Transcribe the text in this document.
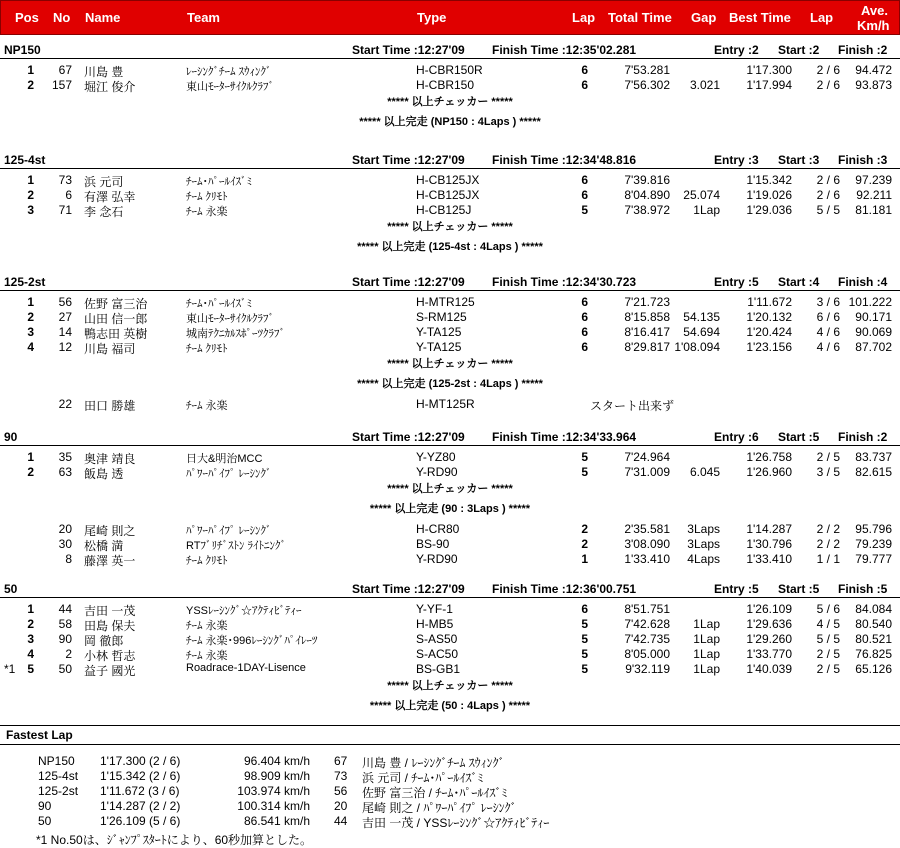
Pos No Name	Team	Type	Lap Total Time Gap Best Time Lap Ave.
Km/h
NP150	Start Time :12:27'09 Finish Time :12:35'02.281	Entry :2 Start :2 Finish :2
1	67 川島 豊	ﾚｰｼﾝｸﾞﾁｰﾑ ｽｳｨﾝｸﾞ	H-CBR150R	6	7'53.281	1'17.300	2 / 6	94.472
2	157 堀江 俊介	東山ﾓｰﾀｰｻｲｸﾙｸﾗﾌﾞ	H-CBR150	6	7'56.302	3.021	1'17.994	2 / 6	93.873
***** 以上チェッカー *****
***** 以上完走 (NP150 : 4Laps ) *****
125-4st	Start Time :12:27'09 Finish Time :12:34'48.816	Entry :3 Start :3 Finish :3
1	73 浜 元司	ﾁｰﾑ･ﾊﾟｰﾙｲｽﾞﾐ	H-CB125JX	6	7'39.816	1'15.342	2 / 6	97.239
2	6 有澤 弘幸	ﾁｰﾑ ｸﾘﾓﾄ	H-CB125JX	6	8'04.890	25.074	1'19.026	2 / 6	92.211
3	71 李 念石	ﾁｰﾑ 永楽	H-CB125J	5	7'38.972	1Lap	1'29.036	5 / 5	81.181
***** 以上チェッカー *****
***** 以上完走 (125-4st : 4Laps ) *****
125-2st	Start Time :12:27'09 Finish Time :12:34'30.723	Entry :5 Start :4 Finish :4
1	56 佐野 富三治	ﾁｰﾑ･ﾊﾟｰﾙｲｽﾞﾐ	H-MTR125	6	7'21.723	1'11.672	3 / 6 101.222
2	27 山田 信一郎	東山ﾓｰﾀｰｻｲｸﾙｸﾗﾌﾞ	S-RM125	6	8'15.858	54.135	1'20.132	6 / 6	90.171
3	14 鴨志田 英樹	城南ﾃｸﾆｶﾙｽﾎﾟｰﾂｸﾗﾌﾞ	Y-TA125	6	8'16.417	54.694	1'20.424	4 / 6	90.069
4	12 川島 福司	ﾁｰﾑ ｸﾘﾓﾄ	Y-TA125	6	8'29.817 1'08.094	1'23.156	4 / 6	87.702
***** 以上チェッカー *****
***** 以上完走 (125-2st : 4Laps ) *****
22 田口 勝雄	ﾁｰﾑ 永楽	H-MT125R	スタート出来ず
90	Start Time :12:27'09 Finish Time :12:34'33.964	Entry :6 Start :5 Finish :2
1	35 奥津 靖良	日大&明治MCC	Y-YZ80	5	7'24.964	1'26.758	2 / 5	83.737
2	63 飯島 透	ﾊﾟﾜｰﾊﾟｲﾌﾟ ﾚｰｼﾝｸﾞ	Y-RD90	5	7'31.009	6.045	1'26.960	3 / 5	82.615
***** 以上チェッカー *****
***** 以上完走 (90 : 3Laps ) *****
20 尾崎 則之	ﾊﾟﾜｰﾊﾟｲﾌﾟ ﾚｰｼﾝｸﾞ	H-CR80	2	2'35.581	3Laps	1'14.287	2 / 2	95.796
30 松橋 満	RTﾌﾞﾘﾁﾞｽﾄﾝ ﾗｲﾄﾆﾝｸﾞ	BS-90	2	3'08.090	3Laps	1'30.796	2 / 2	79.239
8 藤澤 英一	ﾁｰﾑ ｸﾘﾓﾄ	Y-RD90	1	1'33.410	4Laps	1'33.410	1 / 1	79.777
50	Start Time :12:27'09 Finish Time :12:36'00.751	Entry :5 Start :5 Finish :5
1	44 吉田 一茂	YSSﾚｰｼﾝｸﾞ☆ｱｸﾃｨﾋﾞﾃｨｰ	Y-YF-1	6	8'51.751	1'26.109	5 / 6	84.084
2	58 田島 保夫	ﾁｰﾑ 永楽	H-MB5	5	7'42.628	1Lap	1'29.636	4 / 5	80.540
3	90 岡 徹郎	ﾁｰﾑ 永楽･996ﾚｰｼﾝｸﾞﾊﾟｲﾚｰﾂ	S-AS50	5	7'42.735	1Lap	1'29.260	5 / 5	80.521
4	2 小林 哲志	ﾁｰﾑ 永楽	S-AC50	5	8'05.000	1Lap	1'33.770	2 / 5	76.825
*1 5	50 益子 國光	Roadrace-1DAY-Lisence	BS-GB1	5	9'32.119	1Lap	1'40.039	2 / 5	65.126
***** 以上チェッカー *****
***** 以上完走 (50 : 4Laps ) *****
Fastest Lap
NP150 1'17.300 (2 / 6)	96.404 km/h 67 川島 豊 / ﾚｰｼﾝｸﾞﾁｰﾑ ｽｳｨﾝｸﾞ
125-4st 1'15.342 (2 / 6)	98.909 km/h 73 浜 元司 / ﾁｰﾑ･ﾊﾟｰﾙｲｽﾞﾐ
125-2st 1'11.672 (3 / 6)	103.974 km/h 56 佐野 富三治 / ﾁｰﾑ･ﾊﾟｰﾙｲｽﾞﾐ
90	1'14.287 (2 / 2)	100.314 km/h 20 尾崎 則之 / ﾊﾟﾜｰﾊﾟｲﾌﾟ ﾚｰｼﾝｸﾞ
50	1'26.109 (5 / 6)	86.541 km/h 44 吉田 一茂 / YSSﾚｰｼﾝｸﾞ☆ｱｸﾃｨﾋﾞﾃｨｰ
*1 No.50は、ｼﾞｬﾝﾌﾟｽﾀｰﾄにより、60秒加算とした。
